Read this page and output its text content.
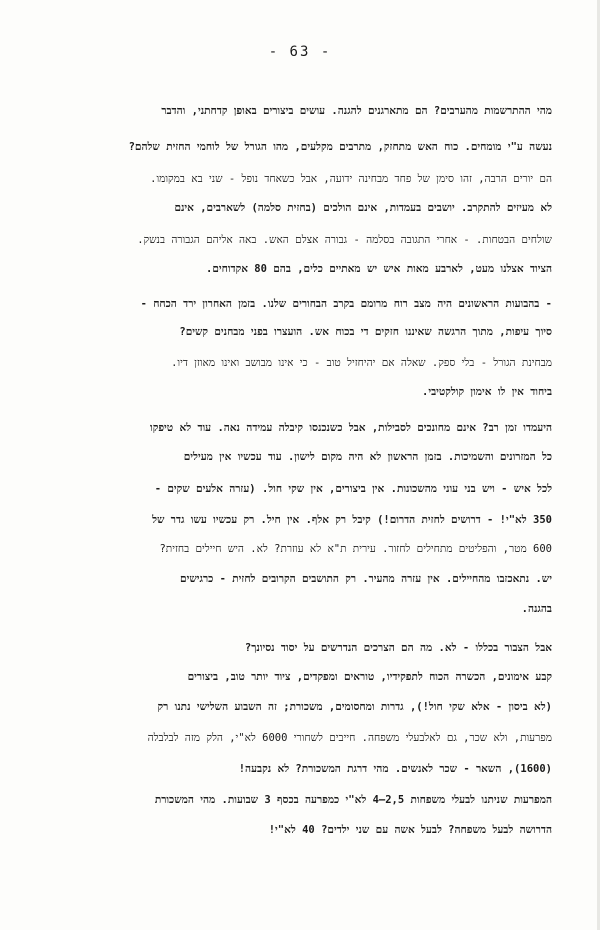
- 63 -
מהי ההתרשמות מהערבים? הם מתארגנים להגנה. עושים ביצורים באופן קדחתני, והדבר
נעשה ע"י מומחים. כוח האש מתחזק, מתרבים מקלעים, מהו הגורל של לוחמי החזית שלהם?
הם יורים הרבה, זהו סימן של פחד מבחינה ידועה, אבל כשאחד נופל - שני בא במקומו.
לא מעיזים להתקרב. יושבים בעמדות, אינם הולכים (בחזית סלמה) לשארבים, אינם
שולחים הבטחות. - אחרי התגובה בסלמה - גבורה אצלם האש. באה אליהם הגבורה בנשק.
הציוד אצלנו מעט, לארבע מאות איש יש מאתיים כלים, בהם 80 אקדוחים.
- בהבועות הראשונים היה מצב רוח מרומם בקרב הבחורים שלנו. בזמן האחרון ירד הכחח -
סיוך עיפות, מתוך הרגשה שאיננו חזקים די בכוח אש. הועצרו בפני מבחנים קשים?
מבחינת הגורל - בלי ספק. שאלה אם יהיחזיל טוב - כי אינו מבושב ואינו מאוזן דיו.
ביחוד אין לו אימון קולקטיבי.
היעמדו זמן רב? אינם מחונכים לסבילות, אבל כשנכנסו קיבלה עמידה נאה. עוד לא טיפקו
כל המזרונים והשמיכות. בזמן הראשון לא היה מקום לישון. עוד עכשיו אין מעילים
לכל איש - ויש בני עוני מהשכונות. אין ביצורים, אין שקי חול. (עזרה אלעים שקים -
350 לא"י! - דרושים לחזית הדרום!) קיבל רק אלף. אין חיל. רק עכשיו עשו גדר של
600 מטר, והפליטים מתחילים לחזור. עירית ת"א לא עוזרת? לא. היש חיילים בחזית?
יש. נתאכזבו מהחיילים. אין עזרה מהעיר. רק התושבים הקרובים לחזית - כרגישים
בהגנה.
אבל הצבור בכללו - לא. מה הם הצרכים הנדרשים על יסוד נסיונך?
קבע אימונים, הכשרה הכוח לתפקידיו, טוראים ומפקדים, ציוד יותר טוב, ביצורים
(לא ביסון - אלא שקי חול!), גדרות ומחסומים, משכורת; זה השבוע השלישי נתנו רק
מפרעות, ולא שכר, גם לאלבעלי משפחה. חייבים לשחורי 6000 לא"י, הלק מזה לבלבלה
(1600), השאר - שכר לאנשים. מהי דרגת המשכורת? לא נקבעה!
המפרעות שניתנו לבעלי משפחות 2,5–4 לא"י כמפרעה בכסף 3 שבועות. מהי המשכורת
הדרושה לבעל משפחה? לבעל אשה עם שני ילדים? 40 לא"י!
